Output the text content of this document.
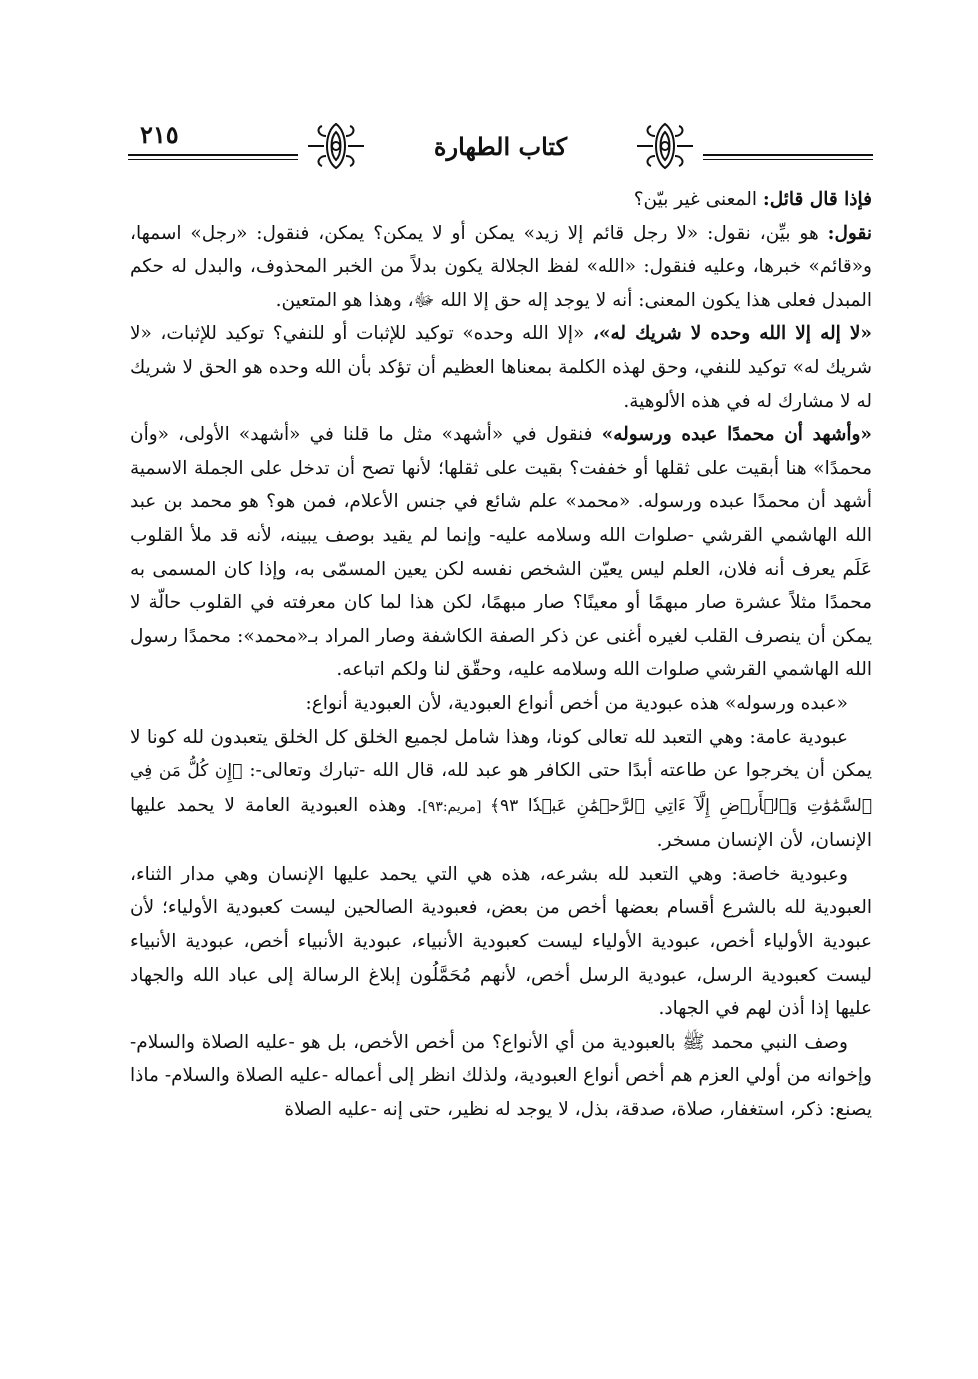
٢١٥	كتاب الطهارة

فإذا قال قائل: المعنى غير بيّن؟

نقول: هو بيِّن، نقول: «لا رجل قائم إلا زيد» يمكن أو لا يمكن؟ يمكن، فنقول: «رجل» اسمها، و«قائم» خبرها، وعليه فنقول: «الله» لفظ الجلالة يكون بدلاً من الخبر المحذوف، والبدل له حكم المبدل فعلى هذا يكون المعنى: أنه لا يوجد إله حق إلا الله ﷻ، وهذا هو المتعين.

«لا إله إلا الله وحده لا شريك له»، «إلا الله وحده» توكيد للإثبات أو للنفي؟ توكيد للإثبات، «لا شريك له» توكيد للنفي، وحق لهذه الكلمة بمعناها العظيم أن تؤكد بأن الله وحده هو الحق لا شريك له لا مشارك له في هذه الألوهية.

«وأشهد أن محمدًا عبده ورسوله» فنقول في «أشهد» مثل ما قلنا في «أشهد» الأولى، «وأن محمدًا» هنا أبقيت على ثقلها أو خففت؟ بقيت على ثقلها؛ لأنها تصح أن تدخل على الجملة الاسمية أشهد أن محمدًا عبده ورسوله. «محمد» علم شائع في جنس الأعلام، فمن هو؟ هو محمد بن عبد الله الهاشمي القرشي -صلوات الله وسلامه عليه- وإنما لم يقيد بوصف يبينه، لأنه قد ملأ القلوب عَلَم يعرف أنه فلان، العلم ليس يعيّن الشخص نفسه لكن يعين المسمّى به، وإذا كان المسمى به محمدًا مثلاً عشرة صار مبهمًا أو معينًا؟ صار مبهمًا، لكن هذا لما كان معرفته في القلوب حالّة لا يمكن أن ينصرف القلب لغيره أغنى عن ذكر الصفة الكاشفة وصار المراد بـ«محمد»: محمدًا رسول الله الهاشمي القرشي صلوات الله وسلامه عليه، وحقّق لنا ولكم اتباعه.

«عبده ورسوله» هذه عبودية من أخص أنواع العبودية، لأن العبودية أنواع:

عبودية عامة: وهي التعبد لله تعالى كونا، وهذا شامل لجميع الخلق كل الخلق يتعبدون لله كونا لا يمكن أن يخرجوا عن طاعته أبدًا حتى الكافر هو عبد لله، قال الله -تبارك وتعالى-: ﴿إِن كُلُّ مَن فِي ٱلسَّمَٰوَٰتِ وَٱلۡأَرۡضِ إِلَّآ ءَاتِي ٱلرَّحۡمَٰنِ عَبۡدٗا ٩٣﴾ [مريم:٩٣]. وهذه العبودية العامة لا يحمد عليها الإنسان، لأن الإنسان مسخر.

وعبودية خاصة: وهي التعبد لله بشرعه، هذه هي التي يحمد عليها الإنسان وهي مدار الثناء، العبودية لله بالشرع أقسام بعضها أخص من بعض، فعبودية الصالحين ليست كعبودية الأولياء؛ لأن عبودية الأولياء أخص، عبودية الأولياء ليست كعبودية الأنبياء، عبودية الأنبياء أخص، عبودية الأنبياء ليست كعبودية الرسل، عبودية الرسل أخص، لأنهم مُحَمَّلُون إبلاغ الرسالة إلى عباد الله والجهاد عليها إذا أذن لهم في الجهاد.

وصف النبي محمد ﷺ بالعبودية من أي الأنواع؟ من أخص الأخص، بل هو -عليه الصلاة والسلام- وإخوانه من أولي العزم هم أخص أنواع العبودية، ولذلك انظر إلى أعماله -عليه الصلاة والسلام- ماذا يصنع: ذكر، استغفار، صلاة، صدقة، بذل، لا يوجد له نظير، حتى إنه -عليه الصلاة
